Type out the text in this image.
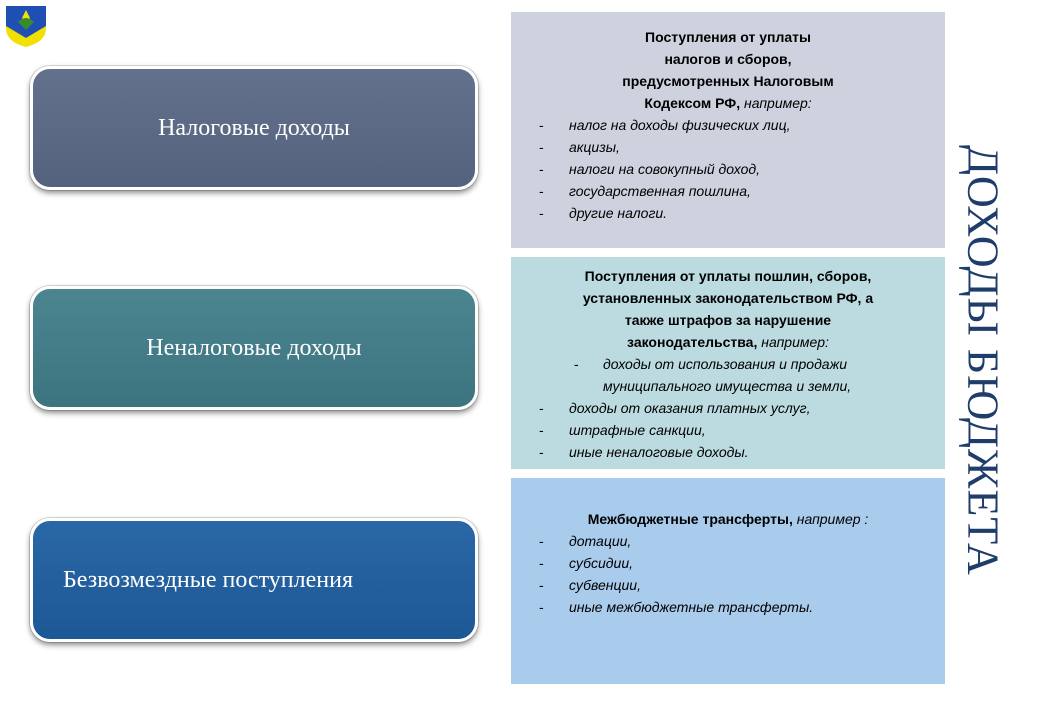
Налоговые доходы
Неналоговые доходы
Безвозмездные поступления
Поступления от уплаты
налогов и сборов,
предусмотренных Налоговым
Кодексом РФ, например:
- налог на доходы физических лиц,
- акцизы,
- налоги на совокупный доход,
- государственная пошлина,
- другие налоги.
Поступления от уплаты пошлин, сборов,
установленных законодательством РФ, а
также штрафов за нарушение
законодательства, например:
- доходы от использования и продажи
муниципального имущества и земли,
- доходы от оказания платных услуг,
- штрафные санкции,
- иные неналоговые доходы.
Межбюджетные трансферты, например :
- дотации,
- субсидии,
- субвенции,
- иные межбюджетные трансферты.
ДОХОДЫ БЮДЖЕТА
